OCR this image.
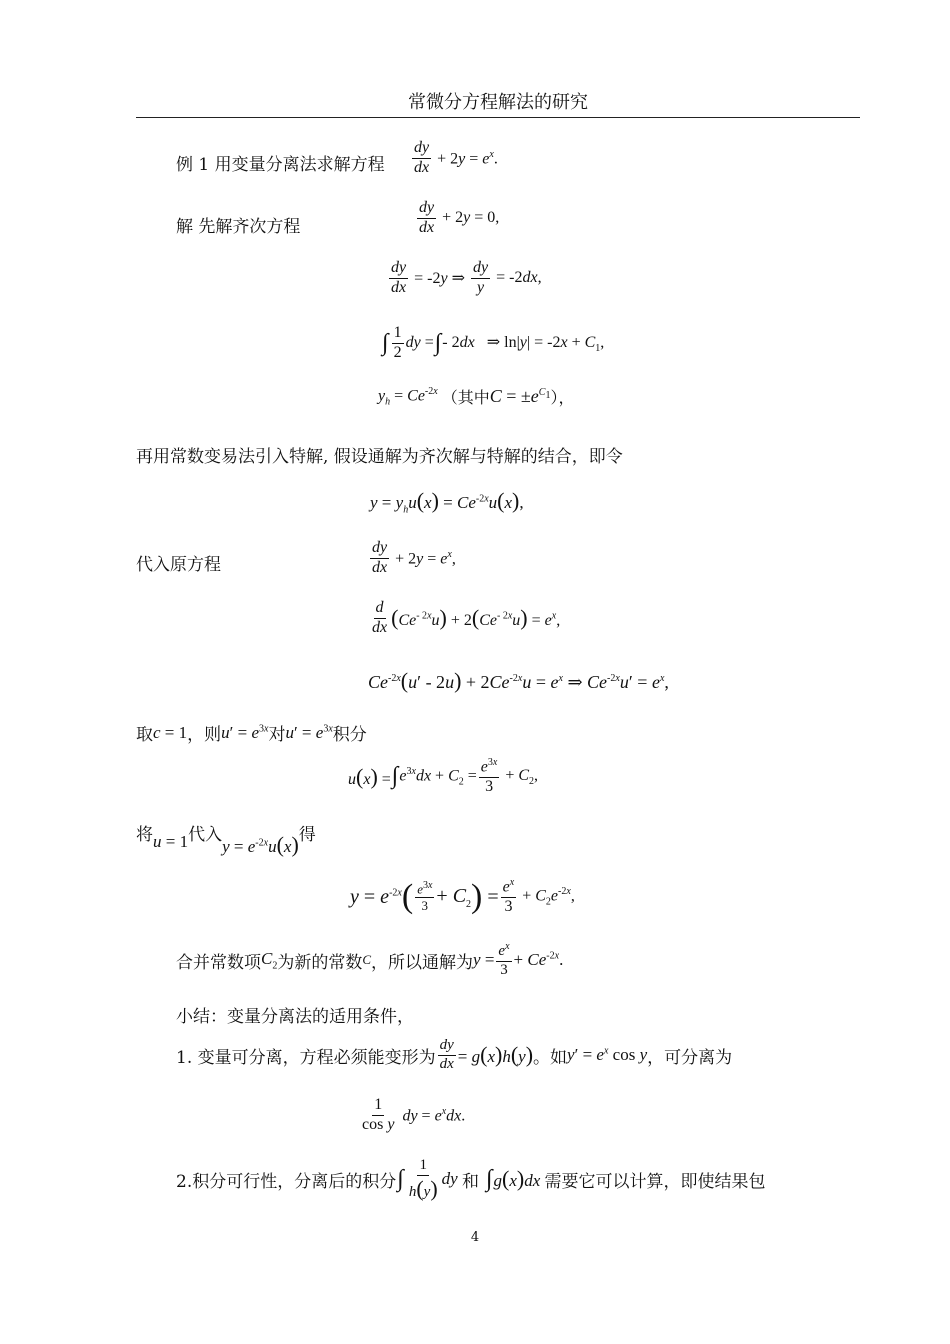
常微分方程解法的研究
例 1 用变量分离法求解方程 $\frac{dy}{dx} + 2y = e^x$.
解 先解齐次方程	$\frac{dy}{dx} + 2y = 0$,
$\frac{dy}{dx} = -2y$ ⇒ $\frac{dy}{y} = -2dx$,
∫ $\frac{1}{2}$ dy = ∫ - 2dx   ⇒ $\ln|y| = -2x + C_1$,
$y_h = Ce^{-2x}$ （其中 $C = \pm e^{C_1}$ ），
再用常数变易法引入特解, 假设通解为齐次解与特解的结合，即令
$y = y_hu(x) = Ce^{-2x}u(x)$,
代入原方程	$\frac{dy}{dx} + 2y = e^x$,
$\frac{d}{dx} (Ce^{- 2x}u) + 2(Ce^{- 2x}u) = e^x$,
$Ce^{-2x}(u' - 2u) + 2Ce^{-2x}u = e^x$ ⇒ $Ce^{-2x}u' = e^x$,
取 c = 1 ，则 $u' = e^{3x}$ 对 $u' = e^{3x}$ 积分
u(x) = ∫ $e^{3x}dx + C_2 = \frac{e^{3x}}{3} + C_2$,
将 u = 1 代入
$y = e^{-2x}u(x)$ 得
$y = e^{-2x}$ ( $\frac{e^{3x}}{3} + C_2$ ) = $\frac{e^x}{3} + C_2e^{-2x}$,
合并常数项 $C_2$ 为新的常数 C ，所以通解为 $y = \frac{e^x}{3} + Ce^{-2x}$.
小结：变量分离法的适用条件，
1. 变量可分离，方程必须能变形为 $\frac{dy}{dx} = g(x)h(y)$ 。如 $y' = e^x$ cos y ，可分离为
$\frac{1}{\text{cos y}}$ dy = $e^xdx$.
2.积分可行性，分离后的积分 ∫ $\frac{1}{h(y)}$ dy 和 ∫ g(x)dx 需要它可以计算，即使结果包
4
